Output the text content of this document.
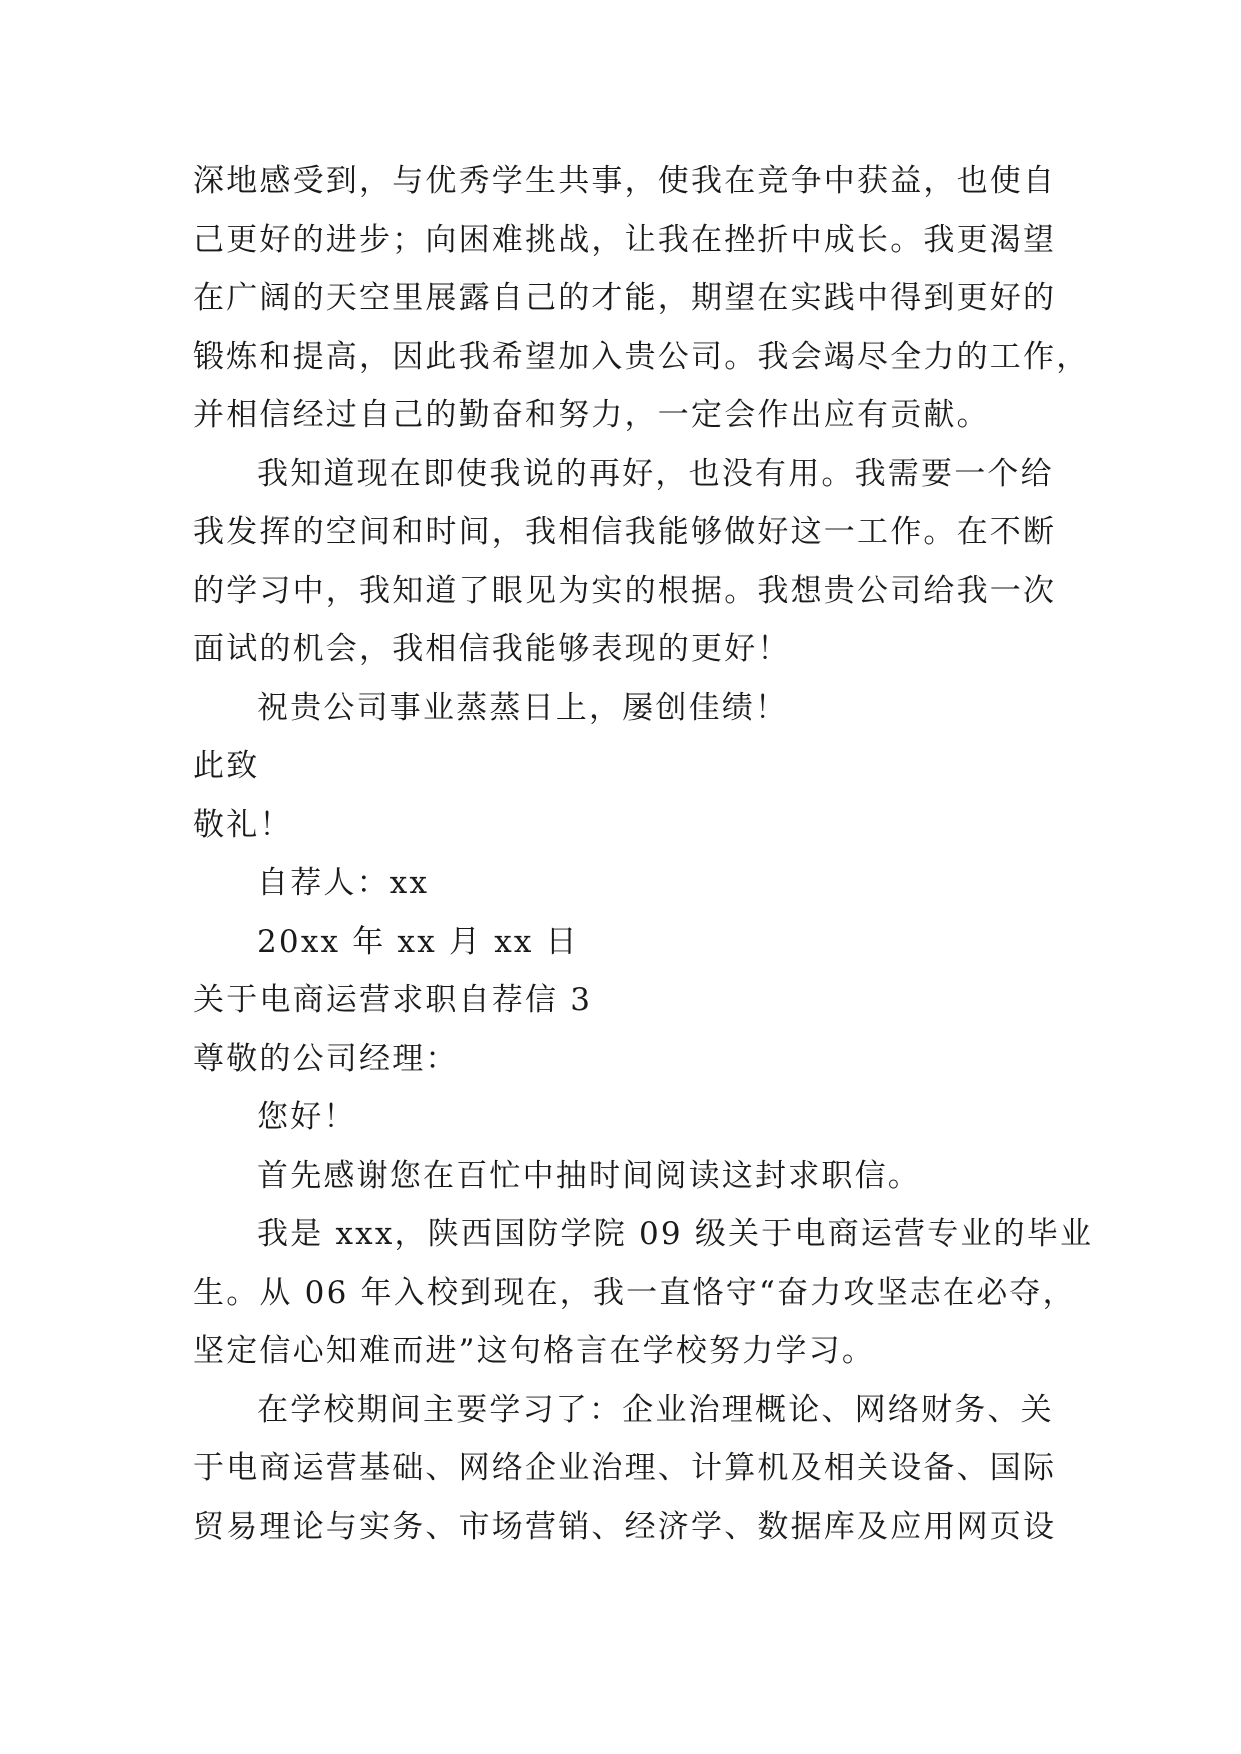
深地感受到，与优秀学生共事，使我在竞争中获益，也使自
己更好的进步；向困难挑战，让我在挫折中成长。我更渴望
在广阔的天空里展露自己的才能，期望在实践中得到更好的
锻炼和提高，因此我希望加入贵公司。我会竭尽全力的工作，
并相信经过自己的勤奋和努力，一定会作出应有贡献。
我知道现在即使我说的再好，也没有用。我需要一个给
我发挥的空间和时间，我相信我能够做好这一工作。在不断
的学习中，我知道了眼见为实的根据。我想贵公司给我一次
面试的机会，我相信我能够表现的更好！
祝贵公司事业蒸蒸日上，屡创佳绩！
此致
敬礼！
自荐人：xx
20xx 年 xx 月 xx 日
关于电商运营求职自荐信 3
尊敬的公司经理：
您好！
首先感谢您在百忙中抽时间阅读这封求职信。
我是 xxx，陕西国防学院 09 级关于电商运营专业的毕业
生。从 06 年入校到现在，我一直恪守“奋力攻坚志在必夺，
坚定信心知难而进”这句格言在学校努力学习。
在学校期间主要学习了：企业治理概论、网络财务、关
于电商运营基础、网络企业治理、计算机及相关设备、国际
贸易理论与实务、市场营销、经济学、数据库及应用网页设
